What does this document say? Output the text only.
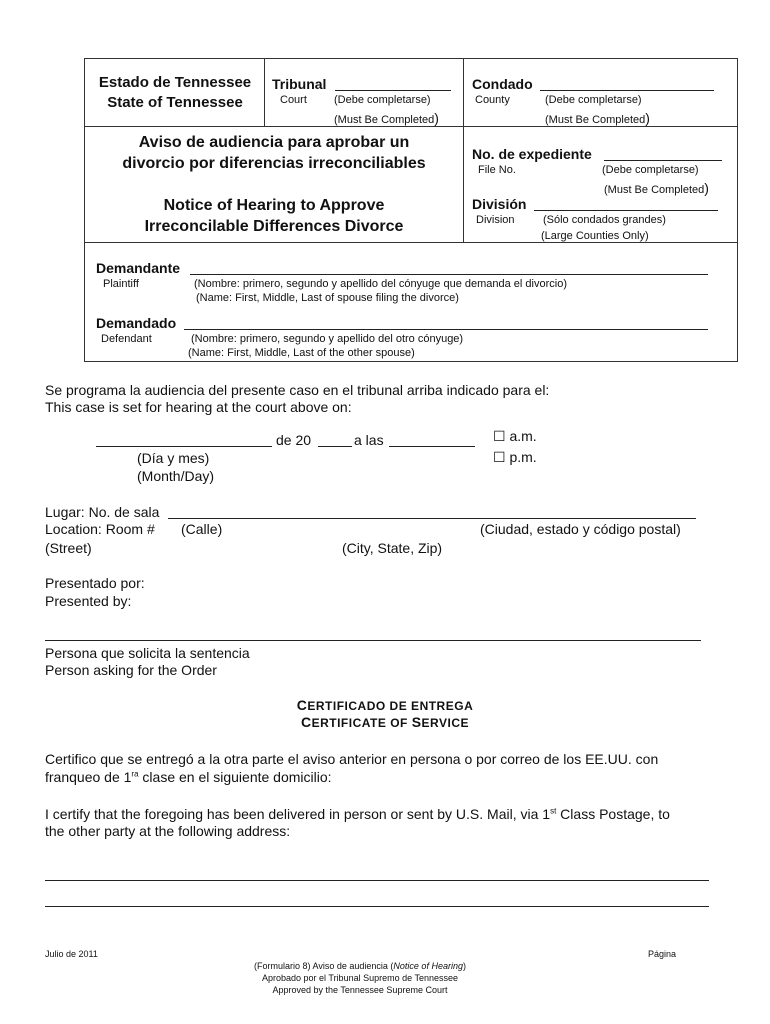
Estado de Tennessee
State of Tennessee
Tribunal
Court (Debe completarse)
(Must Be Completed)
Condado
County	(Debe completarse)
(Must Be Completed)
Aviso de audiencia para aprobar un
divorcio por diferencias irreconciliables
Notice of Hearing to Approve
Irreconcilable Differences Divorce
No. de expediente
File No.	(Debe completarse)
(Must Be Completed)
División
Division	(Sólo condados grandes)
(Large Counties Only)
Demandante
Plaintiff	(Nombre: primero, segundo y apellido del cónyuge que demanda el divorcio)
(Name: First, Middle, Last of spouse filing the divorce)
Demandado
Defendant	(Nombre: primero, segundo y apellido del otro cónyuge)
(Name: First, Middle, Last of the other spouse)
Se programa la audiencia del presente caso en el tribunal arriba indicado para el:
This case is set for hearing at the court above on:
de 20	a las	☐ a.m.
☐ p.m.
(Día y mes)
(Month/Day)
Lugar: No. de sala
Location: Room # (Calle)	(Ciudad, estado y código postal)
(Street)	(City, State, Zip)
Presentado por:
Presented by:
Persona que solicita la sentencia
Person asking for the Order
CERTIFICADO DE ENTREGA
CERTIFICATE OF SERVICE
Certifico que se entregó a la otra parte el aviso anterior en persona o por correo de los EE.UU. con
franqueo de $1^{ra}$ clase en el siguiente domicilio:
I certify that the foregoing has been delivered in person or sent by U.S. Mail, via 1st Class Postage, to
the other party at the following address:
Julio de 2011	Página
(Formulario 8) Aviso de audiencia (Notice of Hearing)
Aprobado por el Tribunal Supremo de Tennessee
Approved by the Tennessee Supreme Court
